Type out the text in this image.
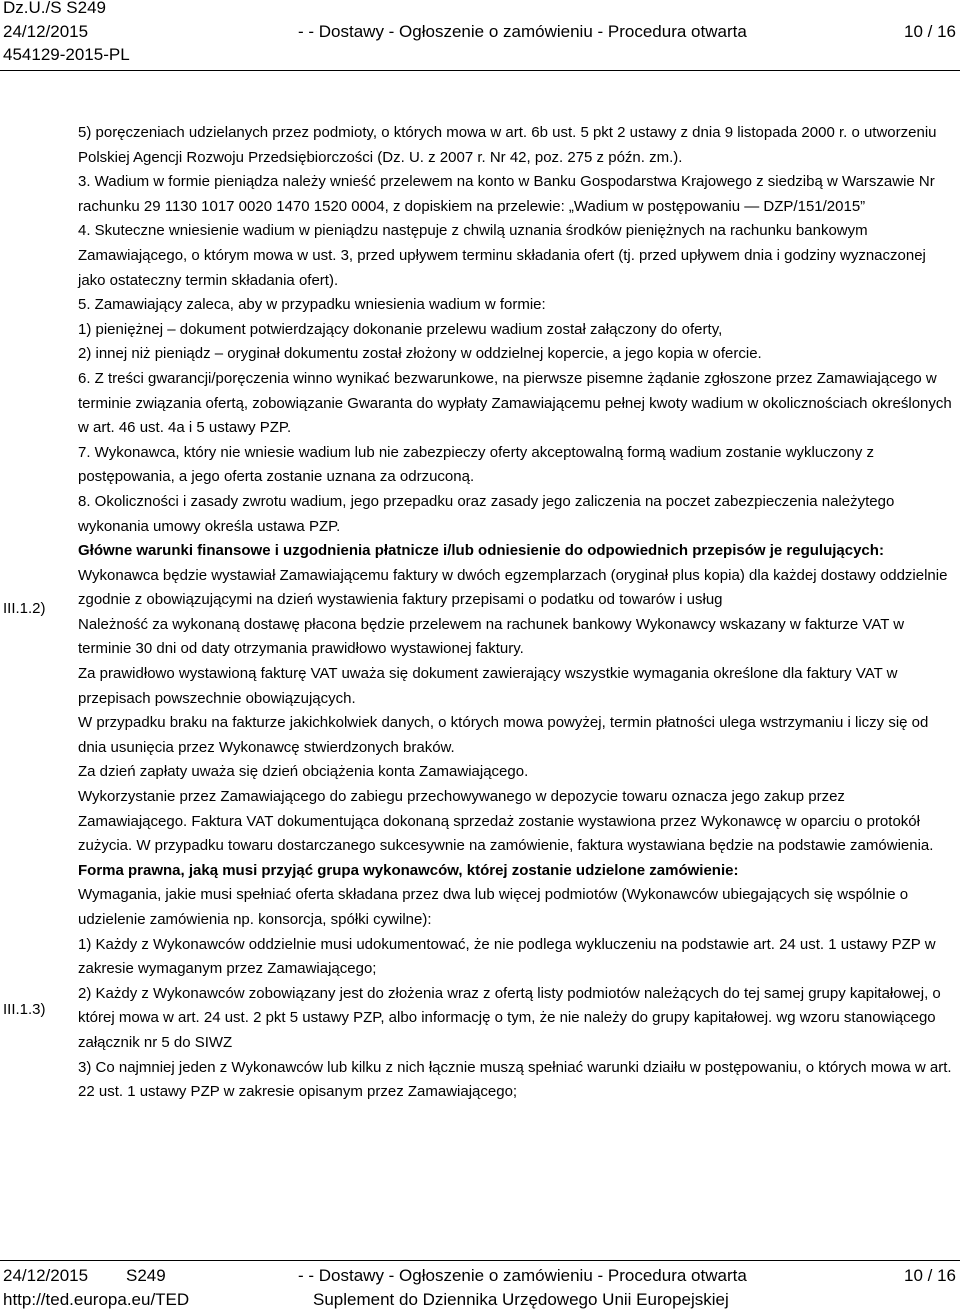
Dz.U./S S249
24/12/2015
454129-2015-PL
- - Dostawy - Ogłoszenie o zamówieniu - Procedura otwarta	10 / 16
III.1.2)
III.1.3)

5) poręczeniach udzielanych przez podmioty, o których mowa w art. 6b ust. 5 pkt 2 ustawy z dnia 9 listopada 2000 r. o utworzeniu Polskiej Agencji Rozwoju Przedsiębiorczości (Dz. U. z 2007 r. Nr 42, poz. 275 z późn. zm.).

3. Wadium w formie pieniądza należy wnieść przelewem na konto w Banku Gospodarstwa Krajowego z siedzibą w Warszawie Nr rachunku 29 1130 1017 0020 1470 1520 0004, z dopiskiem na przelewie: „Wadium w postępowaniu — DZP/151/2015”

4. Skuteczne wniesienie wadium w pieniądzu następuje z chwilą uznania środków pieniężnych na rachunku bankowym Zamawiającego, o którym mowa w ust. 3, przed upływem terminu składania ofert (tj. przed upływem dnia i godziny wyznaczonej jako ostateczny termin składania ofert).

5. Zamawiający zaleca, aby w przypadku wniesienia wadium w formie:

1) pieniężnej – dokument potwierdzający dokonanie przelewu wadium został załączony do oferty,

2) innej niż pieniądz – oryginał dokumentu został złożony w oddzielnej kopercie, a jego kopia w ofercie.

6. Z treści gwarancji/poręczenia winno wynikać bezwarunkowe, na pierwsze pisemne żądanie zgłoszone przez Zamawiającego w terminie związania ofertą, zobowiązanie Gwaranta do wypłaty Zamawiającemu pełnej kwoty wadium w okolicznościach określonych w art. 46 ust. 4a i 5 ustawy PZP.

7. Wykonawca, który nie wniesie wadium lub nie zabezpieczy oferty akceptowalną formą wadium zostanie wykluczony z postępowania, a jego oferta zostanie uznana za odrzuconą.

8. Okoliczności i zasady zwrotu wadium, jego przepadku oraz zasady jego zaliczenia na poczet zabezpieczenia należytego wykonania umowy określa ustawa PZP.

Główne warunki finansowe i uzgodnienia płatnicze i/lub odniesienie do odpowiednich przepisów je regulujących:

Wykonawca będzie wystawiał Zamawiającemu faktury w dwóch egzemplarzach (oryginał plus kopia) dla każdej dostawy oddzielnie zgodnie z obowiązującymi na dzień wystawienia faktury przepisami o podatku od towarów i usług

Należność za wykonaną dostawę płacona będzie przelewem na rachunek bankowy Wykonawcy wskazany w fakturze VAT w terminie 30 dni od daty otrzymania prawidłowo wystawionej faktury.

Za prawidłowo wystawioną fakturę VAT uważa się dokument zawierający wszystkie wymagania określone dla faktury VAT w przepisach powszechnie obowiązujących.

W przypadku braku na fakturze jakichkolwiek danych, o których mowa powyżej, termin płatności ulega wstrzymaniu i liczy się od dnia usunięcia przez Wykonawcę stwierdzonych braków.

Za dzień zapłaty uważa się dzień obciążenia konta Zamawiającego.

Wykorzystanie przez Zamawiającego do zabiegu przechowywanego w depozycie towaru oznacza jego zakup przez Zamawiającego. Faktura VAT dokumentująca dokonaną sprzedaż zostanie wystawiona przez Wykonawcę w oparciu o protokół zużycia. W przypadku towaru dostarczanego sukcesywnie na zamówienie, faktura wystawiana będzie na podstawie zamówienia.

Forma prawna, jaką musi przyjąć grupa wykonawców, której zostanie udzielone zamówienie:

Wymagania, jakie musi spełniać oferta składana przez dwa lub więcej podmiotów (Wykonawców ubiegających się wspólnie o udzielenie zamówienia np. konsorcja, spółki cywilne):

1) Każdy z Wykonawców oddzielnie musi udokumentować, że nie podlega wykluczeniu na podstawie art. 24 ust. 1 ustawy PZP w zakresie wymaganym przez Zamawiającego;

2) Każdy z Wykonawców zobowiązany jest do złożenia wraz z ofertą listy podmiotów należących do tej samej grupy kapitałowej, o której mowa w art. 24 ust. 2 pkt 5 ustawy PZP, albo informację o tym, że nie należy do grupy kapitałowej. wg wzoru stanowiącego załącznik nr 5 do SIWZ

3) Co najmniej jeden z Wykonawców lub kilku z nich łącznie muszą spełniać warunki dziaiłu w postępowaniu, o których mowa w art. 22 ust. 1 ustawy PZP w zakresie opisanym przez Zamawiającego;

24/12/2015 S249
http://ted.europa.eu/TED
- - Dostawy - Ogłoszenie o zamówieniu - Procedura otwarta
Suplement do Dziennika Urzędowego Unii Europejskiej
10 / 16
